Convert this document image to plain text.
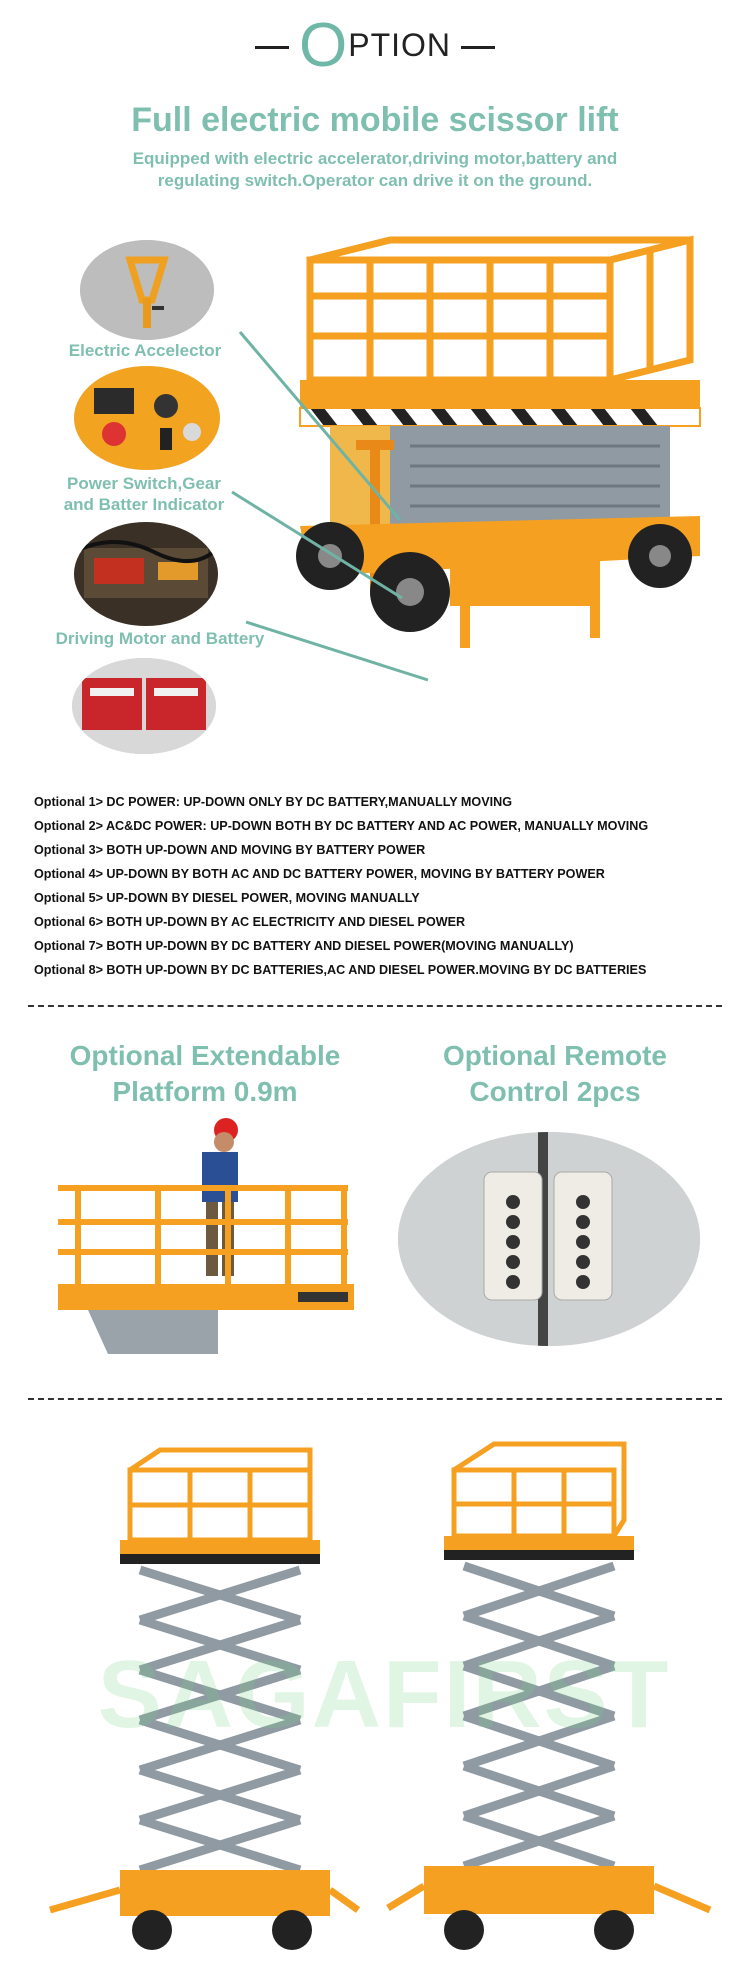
OPTION
Full electric mobile scissor lift
Equipped with electric accelerator,driving motor,battery and regulating switch.Operator can drive it on the ground.
Electric Accelector
Power Switch,Gear and Batter Indicator
Driving Motor and Battery
Optional 1> DC POWER: UP-DOWN ONLY BY DC BATTERY,MANUALLY MOVING
Optional 2> AC&DC POWER: UP-DOWN BOTH BY DC BATTERY AND AC POWER, MANUALLY MOVING
Optional 3> BOTH UP-DOWN AND MOVING BY BATTERY POWER
Optional 4> UP-DOWN BY BOTH AC AND DC BATTERY POWER, MOVING BY BATTERY POWER
Optional 5> UP-DOWN BY DIESEL POWER, MOVING MANUALLY
Optional 6> BOTH UP-DOWN BY AC ELECTRICITY AND DIESEL POWER
Optional 7> BOTH UP-DOWN BY DC BATTERY AND DIESEL POWER(MOVING MANUALLY)
Optional 8> BOTH UP-DOWN BY DC BATTERIES,AC AND DIESEL POWER.MOVING BY DC BATTERIES
Optional Extendable
Platform 0.9m
Optional Remote
Control 2pcs
SAGAFIRST
